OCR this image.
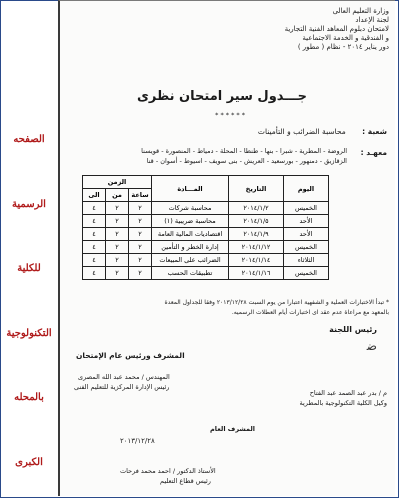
الصفحه
الرسمية
للكلية
التكنولوجية
بالمحله
الكبرى
وزارة التعليم العالى
لجنة الإعداد
لامتحان دبلوم المعاهد الفنية التجارية
و الفندقية و الخدمة الاجتماعية
دور يناير ٢٠١٤ - نظام ( مطور )
جـــدول سير امتحان نظرى
* * * * * *
شعبة : محاسبة الضرائب و التأمينات
معهـد :
الروضة - المطرية - شبرا - بنها - طنطا - المحلة - دمياط - المنصورة - قويسنا
الزقازيق - دمنهور - بورسعيد - العريش - بنى سويف - اسيوط - أسوان - قنا
* تبدأ الاختبارات العملية و الشفهية اعتبارا من يوم السبت ٢٠١٣/١٢/٢٨ وفقا للجداول المعدة
بالمعهد مع مراعاة عدم عقد اى اختبارات أيام العطلات الرسميه.
رئيس اللجنة
ﺿ
المشرف ورئيس عام الإمتحان
المهندس / محمد عبد الله المصرى
رئيس الإدارة المركزية للتعليم الفنى
م / بدر عبد الصمد عبد الفتاح
وكيل الكلية التكنولوجية بالمطرية
المشرف العام
٢٠١٣/١٢/٢٨
الأستاذ الدكتور / احمد محمد فرحات
رئيس قطاع التعليم
اليوم	التاريخ	المـــادة	الزمن		
			ساعة	من	الى
الخميس	٢٠١٤/١/٢	محاسبة شركات	٢	٢	٤
الأحد	٢٠١٤/١/٥	محاسبة ضريبية (١)	٢	٢	٤
الأحد	٢٠١٤/١/٩	اقتصاديات المالية العامة	٢	٢	٤
الخميس	٢٠١٤/١/١٢	إدارة الخطر و التأمين	٢	٢	٤
الثلاثاء	٢٠١٤/١/١٤	الضرائب على المبيعات	٢	٢	٤
الخميس	٢٠١٤/١/١٦	تطبيقات الحسب	٢	٢	٤
